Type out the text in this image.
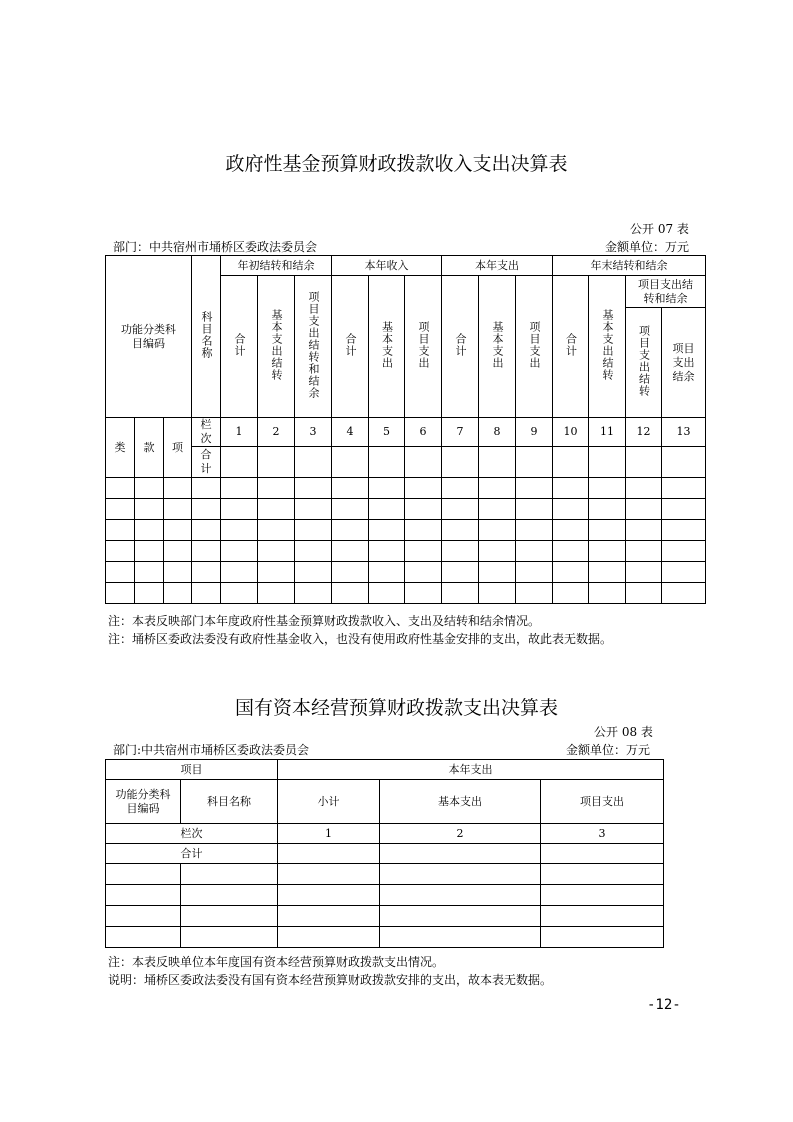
政府性基金预算财政拨款收入支出决算表
公开 07 表
部门：中共宿州市埇桥区委政法委员会	金额单位：万元
功能分类科目编码			科目名称	年初结转和结余			本年收入			本年支出			年末结转和结余			
				合计	基本支出结转	项目支出结转和结余	合计	基本支出	项目支出	合计	基本支出	项目支出	合计	基本支出结转	项目支出结转和结余	
															项目支出结转	项目支出结余
类	款	项	栏次	1	2	3	4	5	6	7	8	9	10	11	12	13
			合计													

注：本表反映部门本年度政府性基金预算财政拨款收入、支出及结转和结余情况。
注：埇桥区委政法委没有政府性基金收入，也没有使用政府性基金安排的支出，故此表无数据。
国有资本经营预算财政拨款支出决算表
公开 08 表
部门:中共宿州市埇桥区委政法委员会	金额单位：万元
项目		本年支出		
功能分类科目编码	科目名称	小计	基本支出	项目支出
栏次		1	2	3
合计				

注：本表反映单位本年度国有资本经营预算财政拨款支出情况。
说明：埇桥区委政法委没有国有资本经营预算财政拨款安排的支出，故本表无数据。
-12-
